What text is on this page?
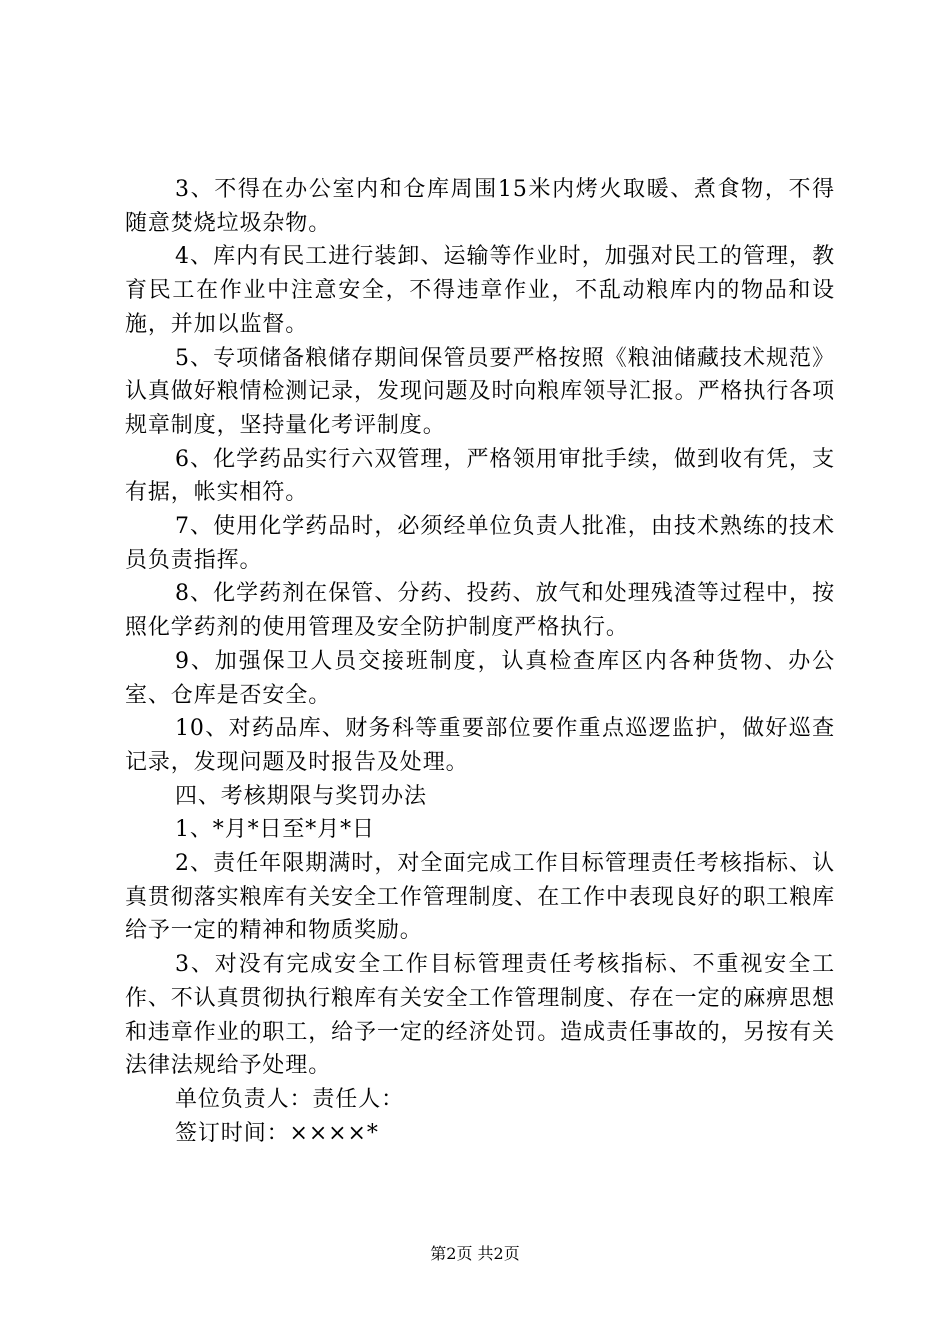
3、不得在办公室内和仓库周围15米内烤火取暖、煮食物，不得随意焚烧垃圾杂物。

4、库内有民工进行装卸、运输等作业时，加强对民工的管理，教育民工在作业中注意安全，不得违章作业，不乱动粮库内的物品和设施，并加以监督。

5、专项储备粮储存期间保管员要严格按照《粮油储藏技术规范》认真做好粮情检测记录，发现问题及时向粮库领导汇报。严格执行各项规章制度，坚持量化考评制度。

6、化学药品实行六双管理，严格领用审批手续，做到收有凭，支有据，帐实相符。

7、使用化学药品时，必须经单位负责人批准，由技术熟练的技术员负责指挥。

8、化学药剂在保管、分药、投药、放气和处理残渣等过程中，按照化学药剂的使用管理及安全防护制度严格执行。

9、加强保卫人员交接班制度，认真检查库区内各种货物、办公室、仓库是否安全。

10、对药品库、财务科等重要部位要作重点巡逻监护，做好巡查记录，发现问题及时报告及处理。

四、考核期限与奖罚办法

1、*月*日至*月*日

2、责任年限期满时，对全面完成工作目标管理责任考核指标、认真贯彻落实粮库有关安全工作管理制度、在工作中表现良好的职工粮库给予一定的精神和物质奖励。

3、对没有完成安全工作目标管理责任考核指标、不重视安全工作、不认真贯彻执行粮库有关安全工作管理制度、存在一定的麻痹思想和违章作业的职工，给予一定的经济处罚。造成责任事故的，另按有关法律法规给予处理。

单位负责人：责任人：

签订时间：××××*

第2页 共2页
